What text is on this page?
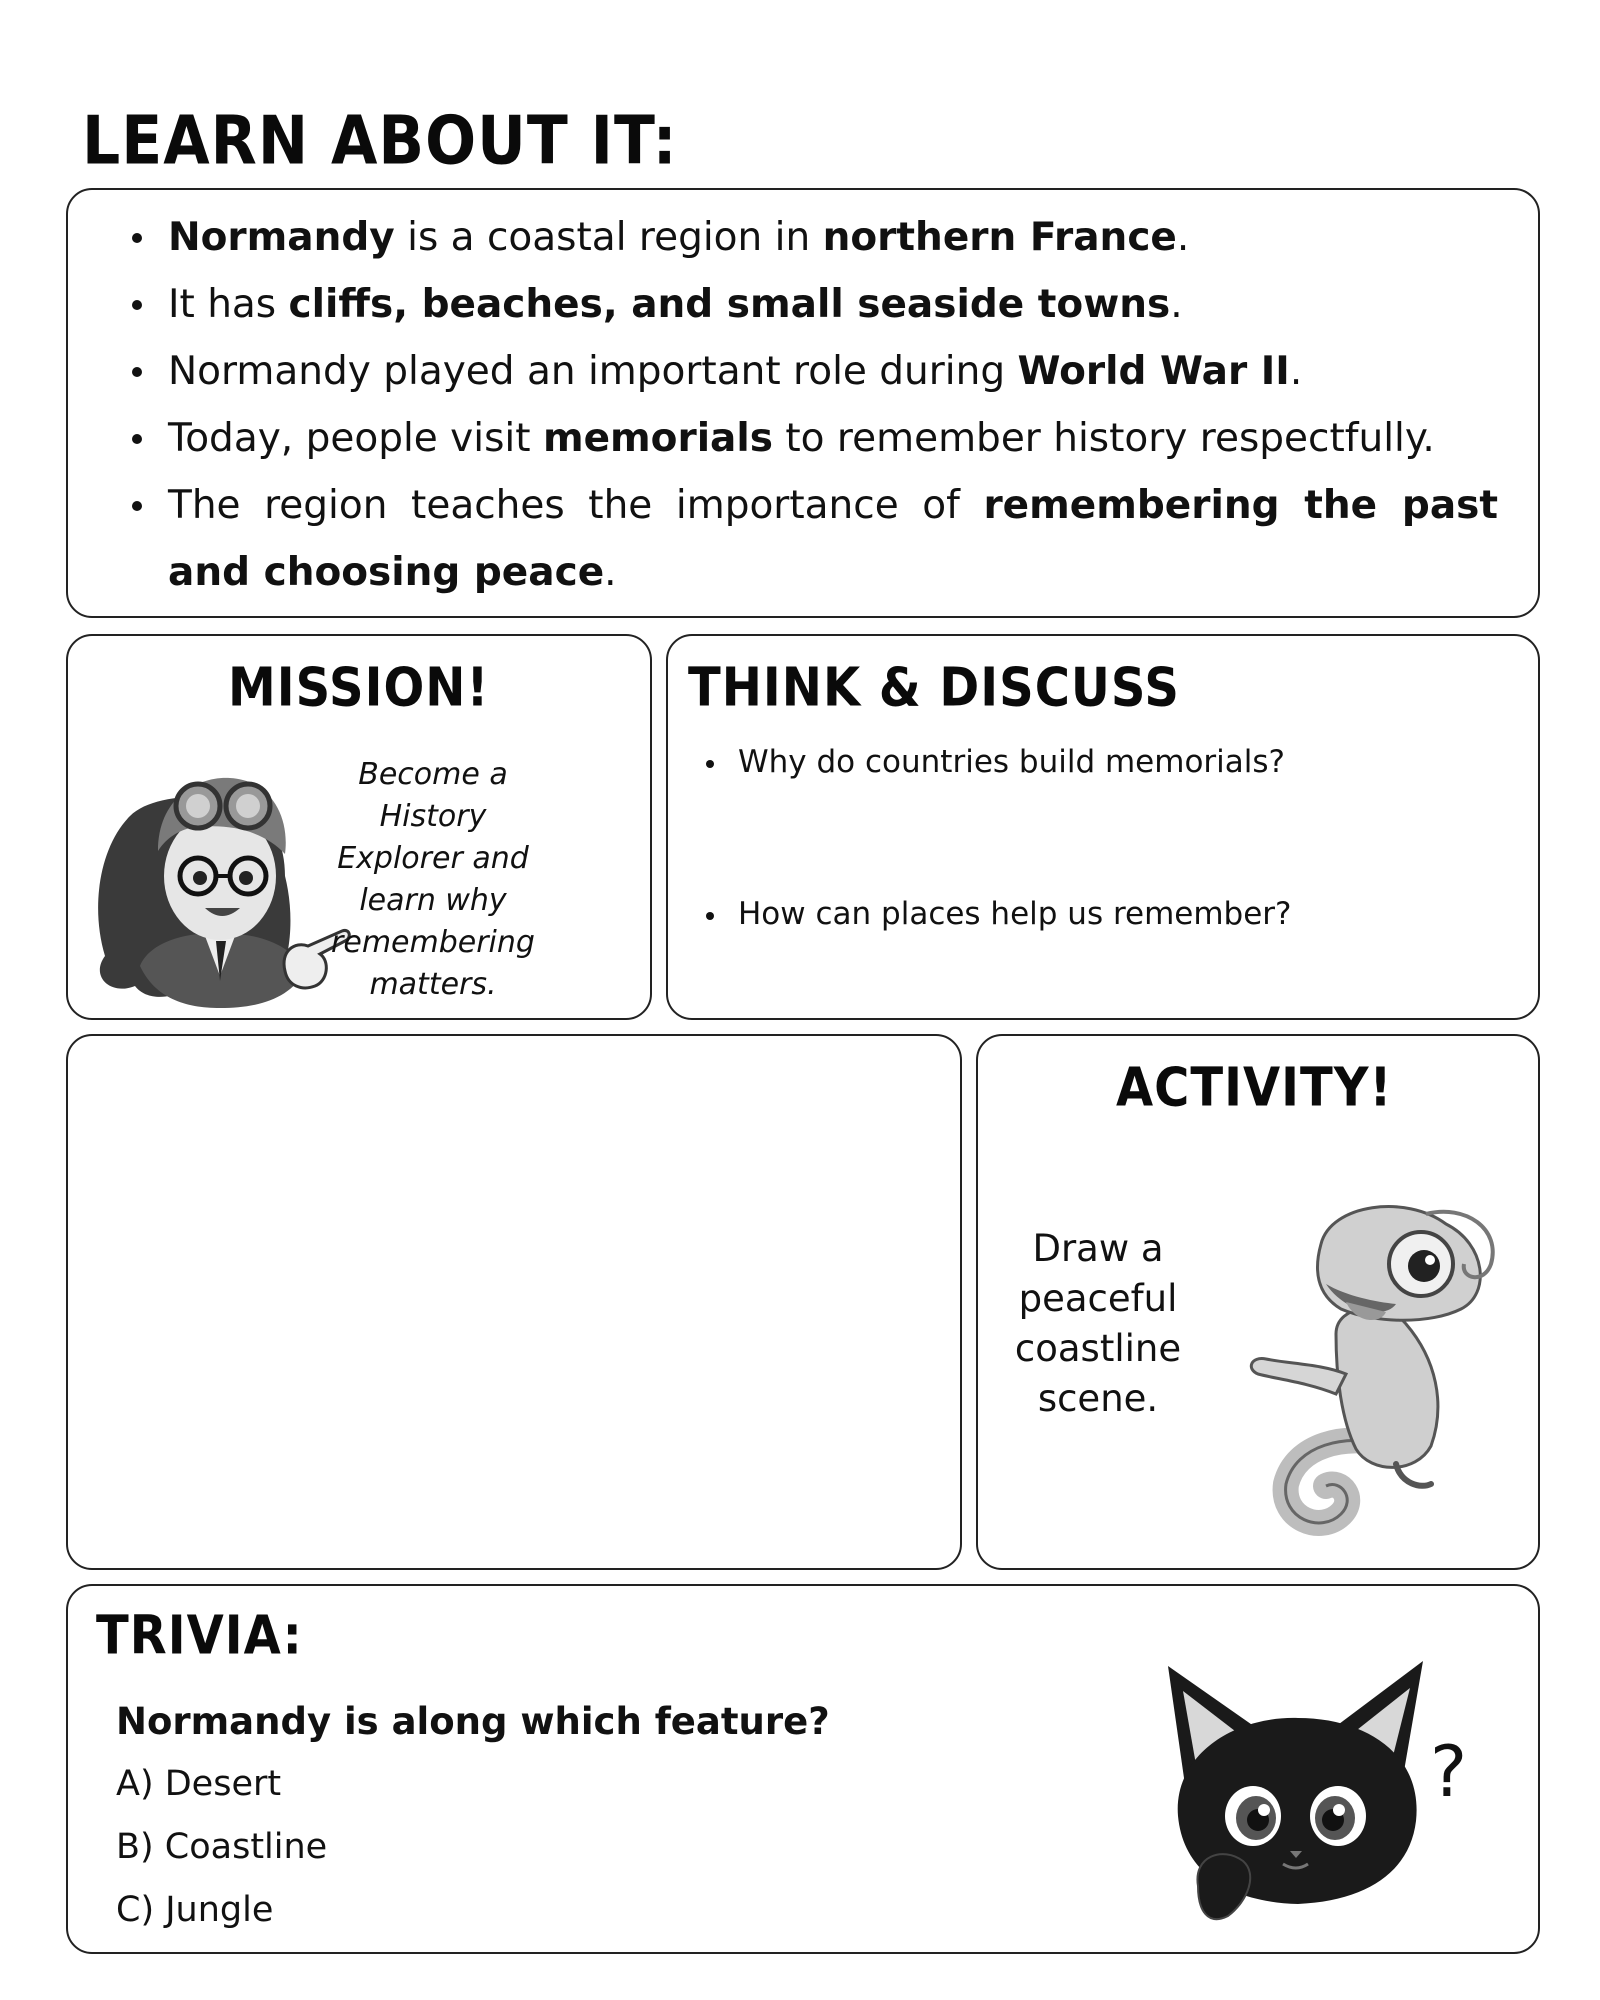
LEARN ABOUT IT:
Normandy is a coastal region in northern France.
It has cliffs, beaches, and small seaside towns.
Normandy played an important role during World War II.
Today, people visit memorials to remember history respectfully.
The region teaches the importance of remembering the past and choosing peace.
MISSION!
Become a History Explorer and learn why remembering matters.
THINK & DISCUSS
Why do countries build memorials?
How can places help us remember?
ACTIVITY!
Draw a peaceful coastline scene.
TRIVIA:
Normandy is along which feature?
A) Desert
B) Coastline
C) Jungle
?
